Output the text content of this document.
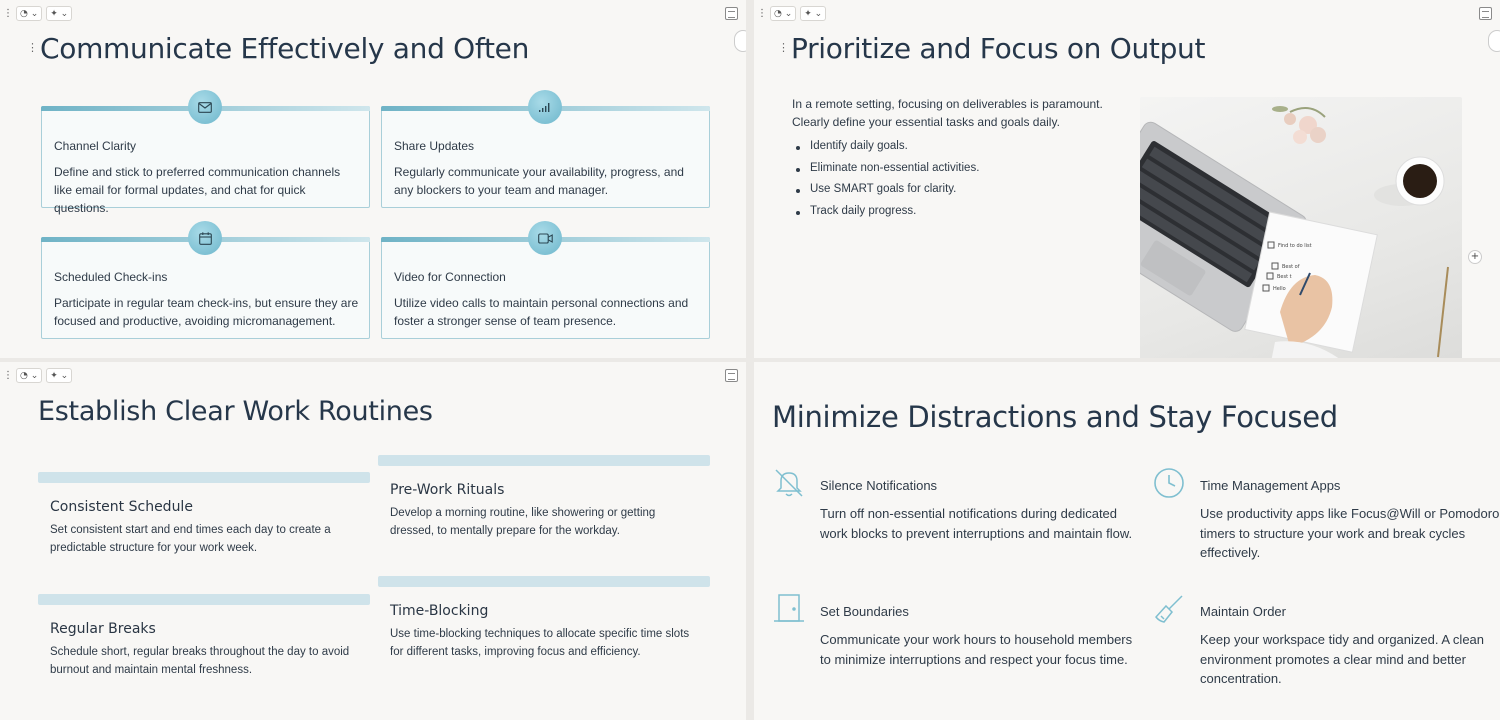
⋮ ◔ ⌄	✦ ⌄
⋮ Communicate Effectively and Often
Channel Clarity
Define and stick to preferred communication channels like email for formal updates, and chat for quick questions.
Share Updates
Regularly communicate your availability, progress, and any blockers to your team and manager.
Scheduled Check-ins
Participate in regular team check-ins, but ensure they are focused and productive, avoiding micromanagement.
Video for Connection
Utilize video calls to maintain personal connections and foster a stronger sense of team presence.
⋮ ◔ ⌄	✦ ⌄
⋮ Prioritize and Focus on Output
In a remote setting, focusing on deliverables is paramount. Clearly define your essential tasks and goals daily.
Identify daily goals.
Eliminate non-essential activities.
Use SMART goals for clarity.
Track daily progress.
Find to do list
Best of
Best t
Hello
+
⋮ ◔ ⌄	✦ ⌄
Establish Clear Work Routines
Consistent Schedule
Set consistent start and end times each day to create a predictable structure for your work week.
Pre-Work Rituals
Develop a morning routine, like showering or getting dressed, to mentally prepare for the workday.
Regular Breaks
Schedule short, regular breaks throughout the day to avoid burnout and maintain mental freshness.
Time-Blocking
Use time-blocking techniques to allocate specific time slots for different tasks, improving focus and efficiency.
Minimize Distractions and Stay Focused
Silence Notifications
Turn off non-essential notifications during dedicated work blocks to prevent interruptions and maintain flow.
Time Management Apps
Use productivity apps like Focus@Will or Pomodoro timers to structure your work and break cycles effectively.
Set Boundaries
Communicate your work hours to household members to minimize interruptions and respect your focus time.
Maintain Order
Keep your workspace tidy and organized. A clean environment promotes a clear mind and better concentration.
